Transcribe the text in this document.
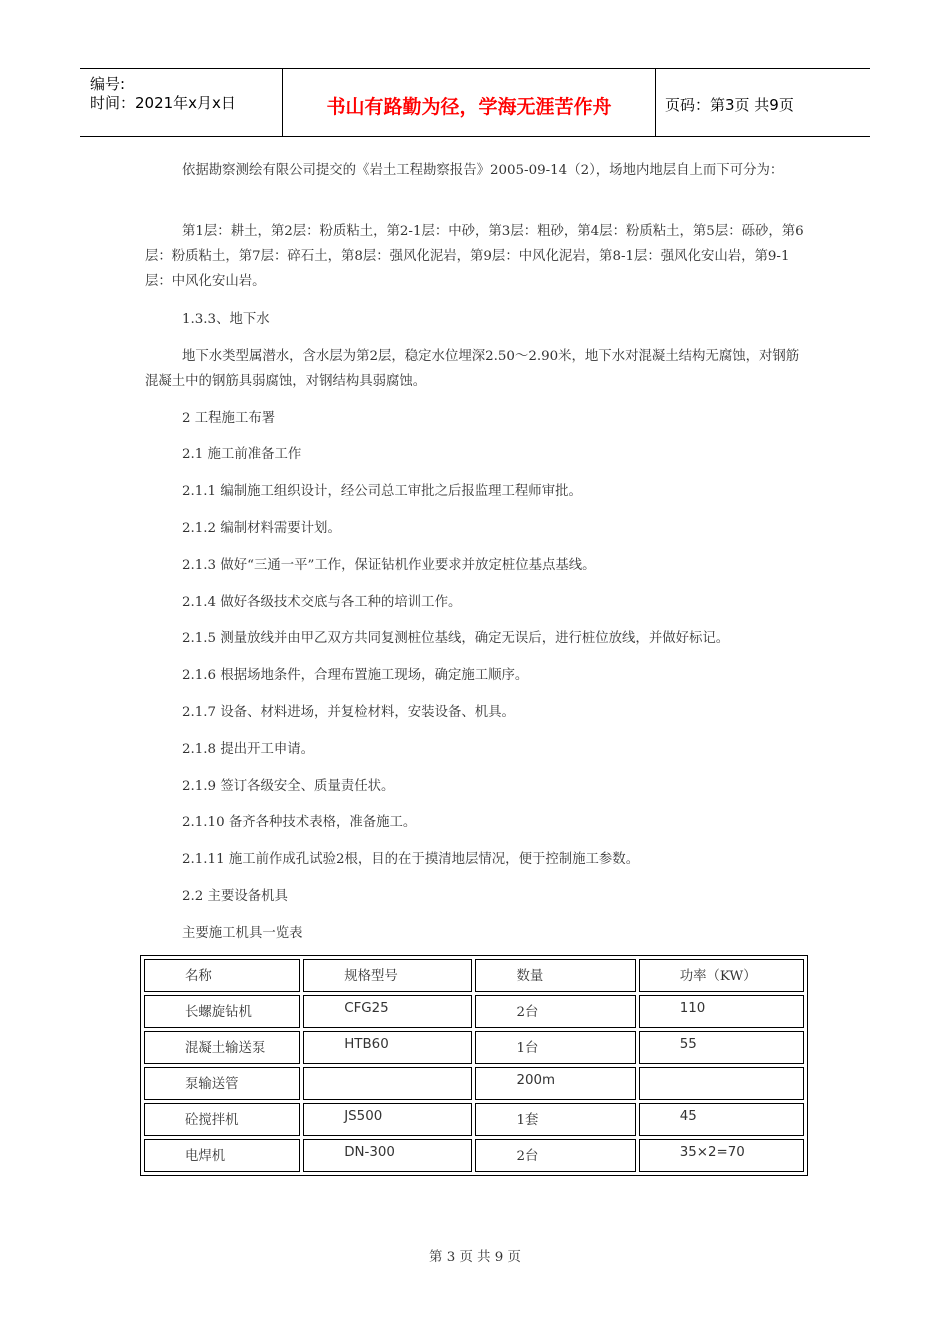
编号:
时间：2021年x月x日	书山有路勤为径，学海无涯苦作舟	页码：第3页 共9页

依据勘察测绘有限公司提交的《岩土工程勘察报告》2005-09-14（2），场地内地层自上而下可分为：

第1层：耕土，第2层：粉质粘土，第2-1层：中砂，第3层：粗砂，第4层：粉质粘土，第5层：砾砂，第6层：粉质粘土，第7层：碎石土，第8层：强风化泥岩，第9层：中风化泥岩，第8-1层：强风化安山岩，第9-1层：中风化安山岩。

1.3.3、地下水

地下水类型属潜水，含水层为第2层，稳定水位埋深2.50～2.90米，地下水对混凝土结构无腐蚀，对钢筋混凝土中的钢筋具弱腐蚀，对钢结构具弱腐蚀。

2 工程施工布署

2.1 施工前准备工作

2.1.1 编制施工组织设计，经公司总工审批之后报监理工程师审批。

2.1.2 编制材料需要计划。

2.1.3 做好“三通一平”工作，保证钻机作业要求并放定桩位基点基线。

2.1.4 做好各级技术交底与各工种的培训工作。

2.1.5 测量放线并由甲乙双方共同复测桩位基线，确定无误后，进行桩位放线，并做好标记。

2.1.6 根据场地条件，合理布置施工现场，确定施工顺序。

2.1.7 设备、材料进场，并复检材料，安装设备、机具。

2.1.8 提出开工申请。

2.1.9 签订各级安全、质量责任状。

2.1.10 备齐各种技术表格，准备施工。

2.1.11 施工前作成孔试验2根，目的在于摸清地层情况，便于控制施工参数。

2.2 主要设备机具

主要施工机具一览表

名称	规格型号	数量	功率（KW）
长螺旋钻机	CFG25	2台	110
混凝土输送泵	HTB60	1台	55
泵输送管		200m	
砼搅拌机	JS500	1套	45
电焊机	DN-300	2台	35×2=70
第 3 页 共 9 页
